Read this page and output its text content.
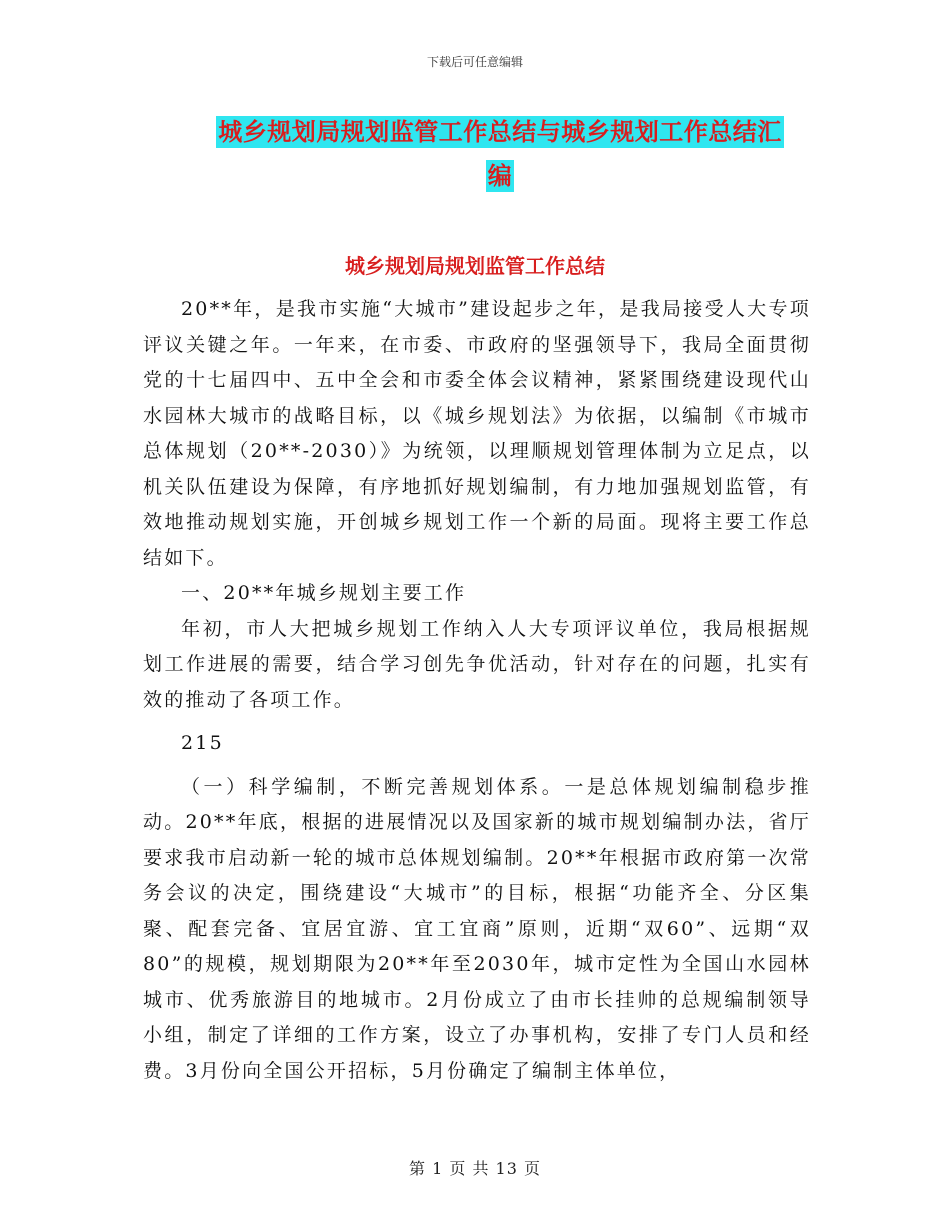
下载后可任意编辑
城乡规划局规划监管工作总结与城乡规划工作总结汇
编
城乡规划局规划监管工作总结

20**年，是我市实施“大城市”建设起步之年，是我局接受人大专项评议关键之年。一年来，在市委、市政府的坚强领导下，我局全面贯彻党的十七届四中、五中全会和市委全体会议精神，紧紧围绕建设现代山水园林大城市的战略目标，以《城乡规划法》为依据，以编制《市城市总体规划（20**-2030）》为统领，以理顺规划管理体制为立足点，以机关队伍建设为保障，有序地抓好规划编制，有力地加强规划监管，有效地推动规划实施，开创城乡规划工作一个新的局面。现将主要工作总结如下。

一、20**年城乡规划主要工作

年初，市人大把城乡规划工作纳入人大专项评议单位，我局根据规划工作进展的需要，结合学习创先争优活动，针对存在的问题，扎实有效的推动了各项工作。

215

（一）科学编制，不断完善规划体系。一是总体规划编制稳步推动。20**年底，根据的进展情况以及国家新的城市规划编制办法，省厅要求我市启动新一轮的城市总体规划编制。20**年根据市政府第一次常务会议的决定，围绕建设“大城市”的目标，根据“功能齐全、分区集聚、配套完备、宜居宜游、宜工宜商”原则，近期“双60”、远期“双80”的规模，规划期限为20**年至2030年，城市定性为全国山水园林城市、优秀旅游目的地城市。2月份成立了由市长挂帅的总规编制领导小组，制定了详细的工作方案，设立了办事机构，安排了专门人员和经费。3月份向全国公开招标，5月份确定了编制主体单位，

第 1 页 共 13 页
